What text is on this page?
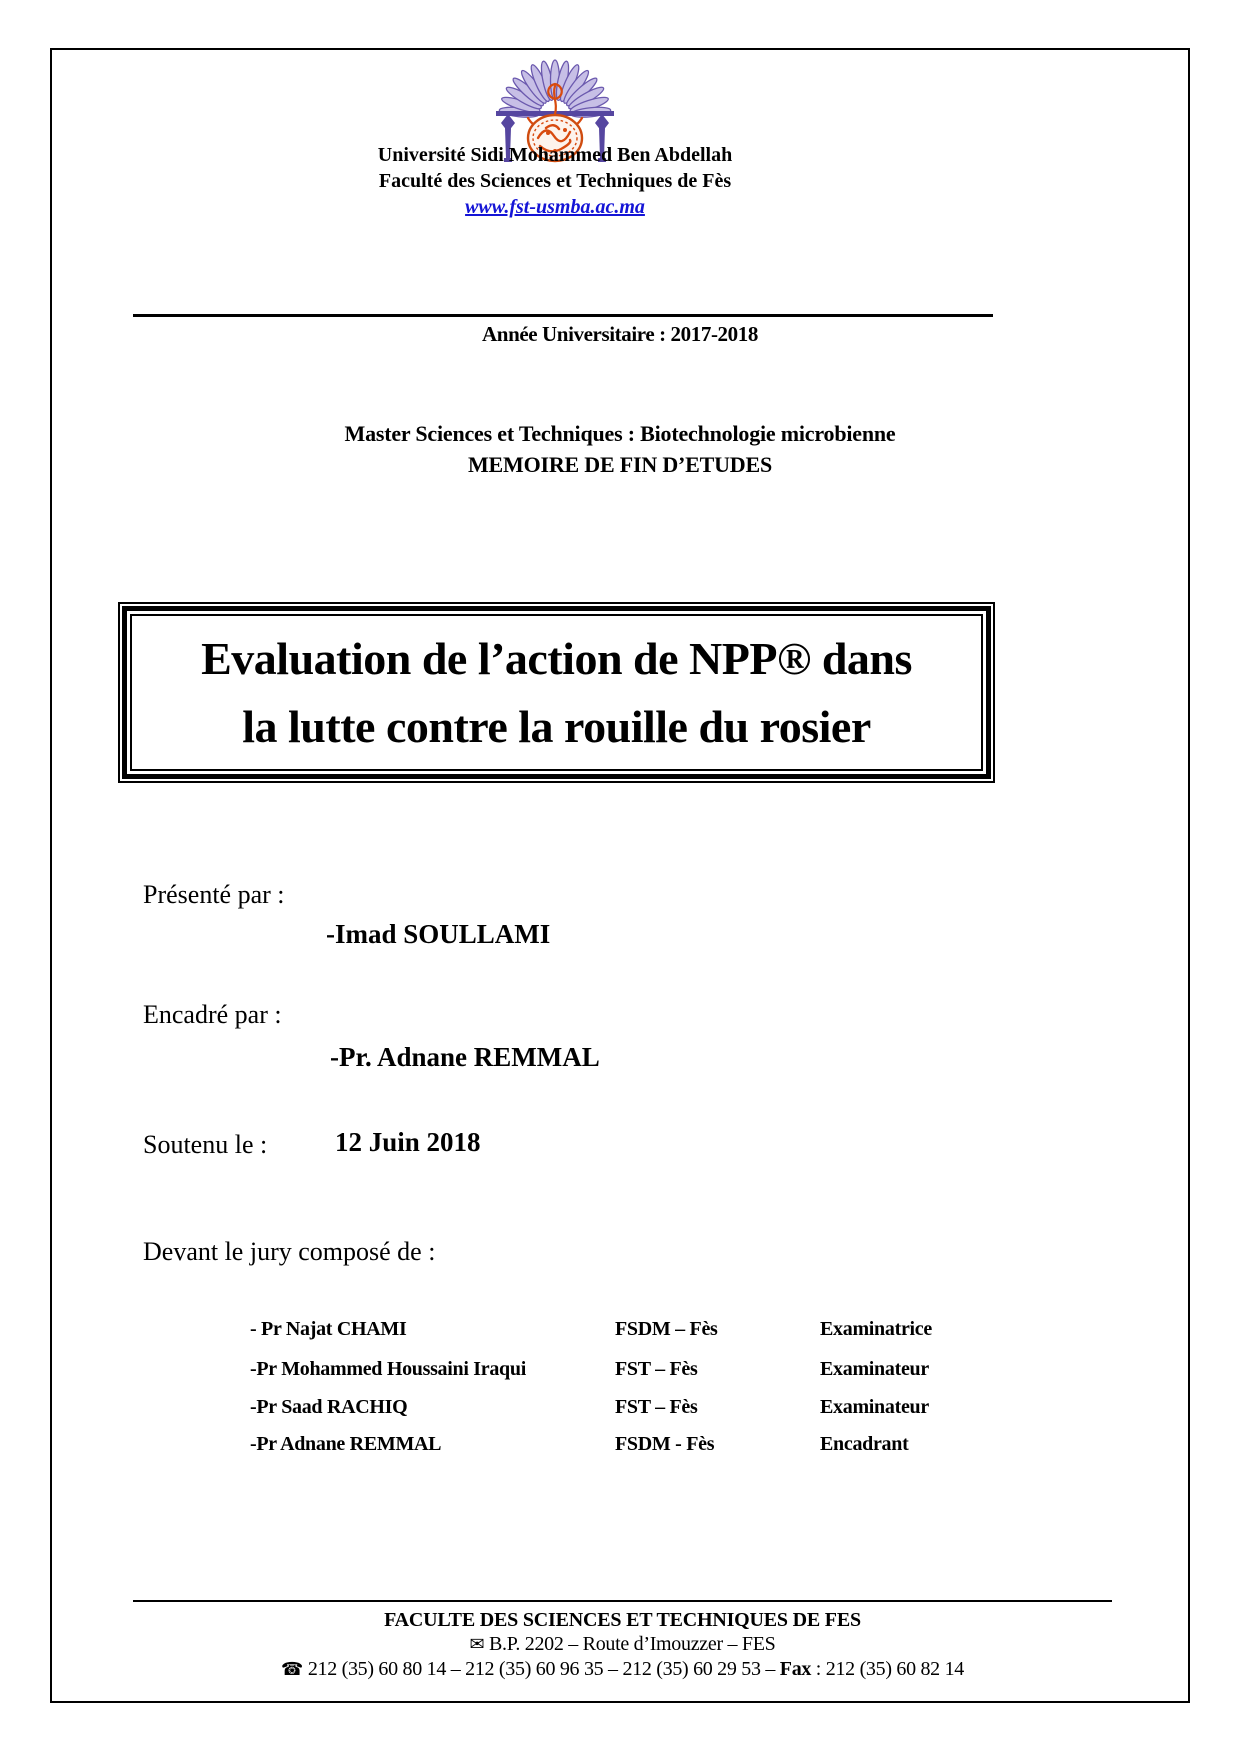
Université Sidi Mohammed Ben Abdellah
Faculté des Sciences et Techniques de Fès
www.fst-usmba.ac.ma
Année Universitaire : 2017-2018
Master Sciences et Techniques : Biotechnologie microbienne
MEMOIRE DE FIN D’ETUDES
Evaluation de l’action de NPP® dans
la lutte contre la rouille du rosier
Présenté par :
-Imad SOULLAMI
Encadré par :
-Pr. Adnane REMMAL
Soutenu le :	12 Juin 2018
Devant le jury composé de :
- Pr Najat CHAMI	FSDM – Fès	Examinatrice
-Pr Mohammed Houssaini Iraqui	FST – Fès	Examinateur
-Pr Saad RACHIQ	FST – Fès	Examinateur
-Pr Adnane REMMAL	FSDM - Fès	Encadrant
FACULTE DES SCIENCES ET TECHNIQUES DE FES
✉ B.P. 2202 – Route d’Imouzzer – FES
☎ 212 (35) 60 80 14 – 212 (35) 60 96 35 – 212 (35) 60 29 53 – Fax : 212 (35) 60 82 14
